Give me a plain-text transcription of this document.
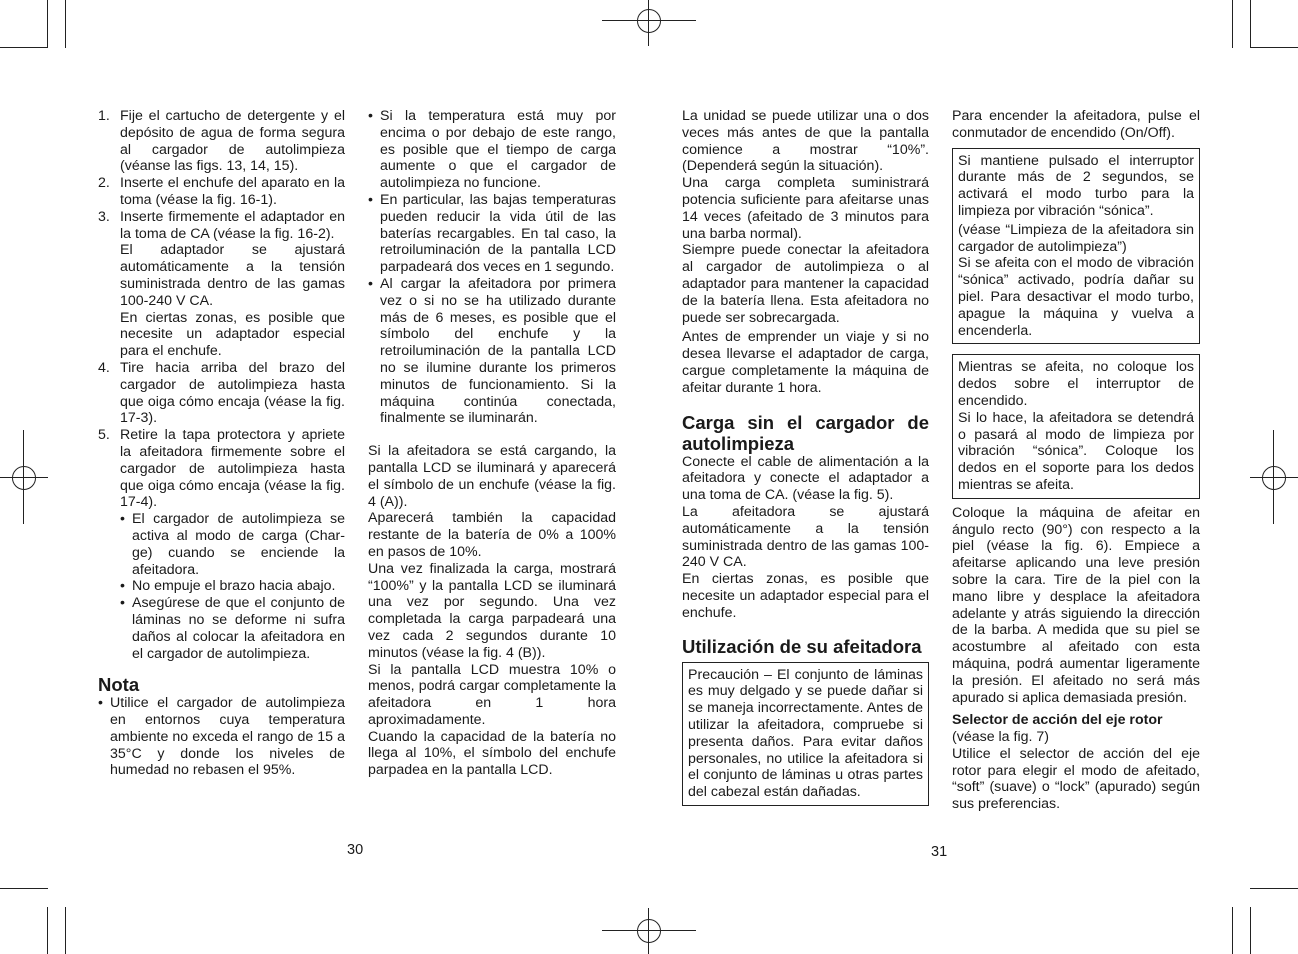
1. Fije el cartucho de detergente y el depósito de agua de forma segura al cargador de autolimpieza (véanse las figs. 13, 14, 15).
2. Inserte el enchufe del aparato en la toma (véase la fig. 16-1).
3. Inserte firmemente el adaptador en la toma de CA (véase la fig. 16-2).

El adaptador se ajustará automáticamente a la tensión suministrada dentro de las gamas 100-240 V CA.

En ciertas zonas, es posible que necesite un adaptador especial para el enchufe.

4. Tire hacia arriba del brazo del cargador de autolimpieza hasta que oiga cómo encaja (véase la fig. 17-3).
5. Retire la tapa protectora y apriete la afeitadora firmemente sobre el cargador de autolimpieza hasta que oiga cómo encaja (véase la fig. 17-4).
• El cargador de autolimpieza se activa al modo de carga (Char-ge) cuando se enciende la afeitadora.
• No empuje el brazo hacia abajo.
• Asegúrese de que el conjunto de láminas no se deforme ni sufra daños al colocar la afeitadora en el cargador de autolimpieza.
Nota
• Utilice el cargador de autolimpieza en entornos cuya temperatura ambiente no exceda el rango de 15 a 35°C y donde los niveles de humedad no rebasen el 95%.
• Si la temperatura está muy por encima o por debajo de este rango, es posible que el tiempo de carga aumente o que el cargador de autolimpieza no funcione.
• En particular, las bajas temperaturas pueden reducir la vida útil de las baterías recargables. En tal caso, la retroiluminación de la pantalla LCD parpadeará dos veces en 1 segundo.
• Al cargar la afeitadora por primera vez o si no se ha utilizado durante más de 6 meses, es posible que el símbolo del enchufe y la retroiluminación de la pantalla LCD no se ilumine durante los primeros minutos de funcionamiento. Si la máquina continúa conectada, finalmente se iluminarán.

Si la afeitadora se está cargando, la pantalla LCD se iluminará y aparecerá el símbolo de un enchufe (véase la fig. 4 (A)).

Aparecerá también la capacidad restante de la batería de 0% a 100% en pasos de 10%.

Una vez finalizada la carga, mostrará “100%” y la pantalla LCD se iluminará una vez por segundo. Una vez completada la carga parpadeará una vez cada 2 segundos durante 10 minutos (véase la fig. 4 (B)).

Si la pantalla LCD muestra 10% o menos, podrá cargar completamente la afeitadora en 1 hora aproximadamente.

Cuando la capacidad de la batería no llega al 10%, el símbolo del enchufe parpadea en la pantalla LCD.

30

La unidad se puede utilizar una o dos veces más antes de que la pantalla comience a mostrar “10%”. (Dependerá según la situación).

Una carga completa suministrará potencia suficiente para afeitarse unas 14 veces (afeitado de 3 minutos para una barba normal).

Siempre puede conectar la afeitadora al cargador de autolimpieza o al adaptador para mantener la capacidad de la batería llena. Esta afeitadora no puede ser sobrecargada.

Antes de emprender un viaje y si no desea llevarse el adaptador de carga, cargue completamente la máquina de afeitar durante 1 hora.

Carga sin el cargador de autolimpieza

Conecte el cable de alimentación a la afeitadora y conecte el adaptador a una toma de CA. (véase la fig. 5).

La afeitadora se ajustará automáticamente a la tensión suministrada dentro de las gamas 100-240 V CA.

En ciertas zonas, es posible que necesite un adaptador especial para el enchufe.

Utilización de su afeitadora

Precaución – El conjunto de láminas es muy delgado y se puede dañar si se maneja incorrectamente. Antes de utilizar la afeitadora, compruebe si presenta daños. Para evitar daños personales, no utilice la afeitadora si el conjunto de láminas u otras partes del cabezal están dañadas.

31

Para encender la afeitadora, pulse el conmutador de encendido (On/Off).

Si mantiene pulsado el interruptor durante más de 2 segundos, se activará el modo turbo para la limpieza por vibración “sónica”.

(véase “Limpieza de la afeitadora sin cargador de autolimpieza”)

Si se afeita con el modo de vibración “sónica” activado, podría dañar su piel. Para desactivar el modo turbo, apague la máquina y vuelva a encenderla.

Mientras se afeita, no coloque los dedos sobre el interruptor de encendido.

Si lo hace, la afeitadora se detendrá o pasará al modo de limpieza por vibración “sónica”. Coloque los dedos en el soporte para los dedos mientras se afeita.

Coloque la máquina de afeitar en ángulo recto (90°) con respecto a la piel (véase la fig. 6). Empiece a afeitarse aplicando una leve presión sobre la cara. Tire de la piel con la mano libre y desplace la afeitadora adelante y atrás siguiendo la dirección de la barba. A medida que su piel se acostumbre al afeitado con esta máquina, podrá aumentar ligeramente la presión. El afeitado no será más apurado si aplica demasiada presión.

Selector de acción del eje rotor

(véase la fig. 7)

Utilice el selector de acción del eje rotor para elegir el modo de afeitado, “soft” (suave) o “lock” (apurado) según sus preferencias.
